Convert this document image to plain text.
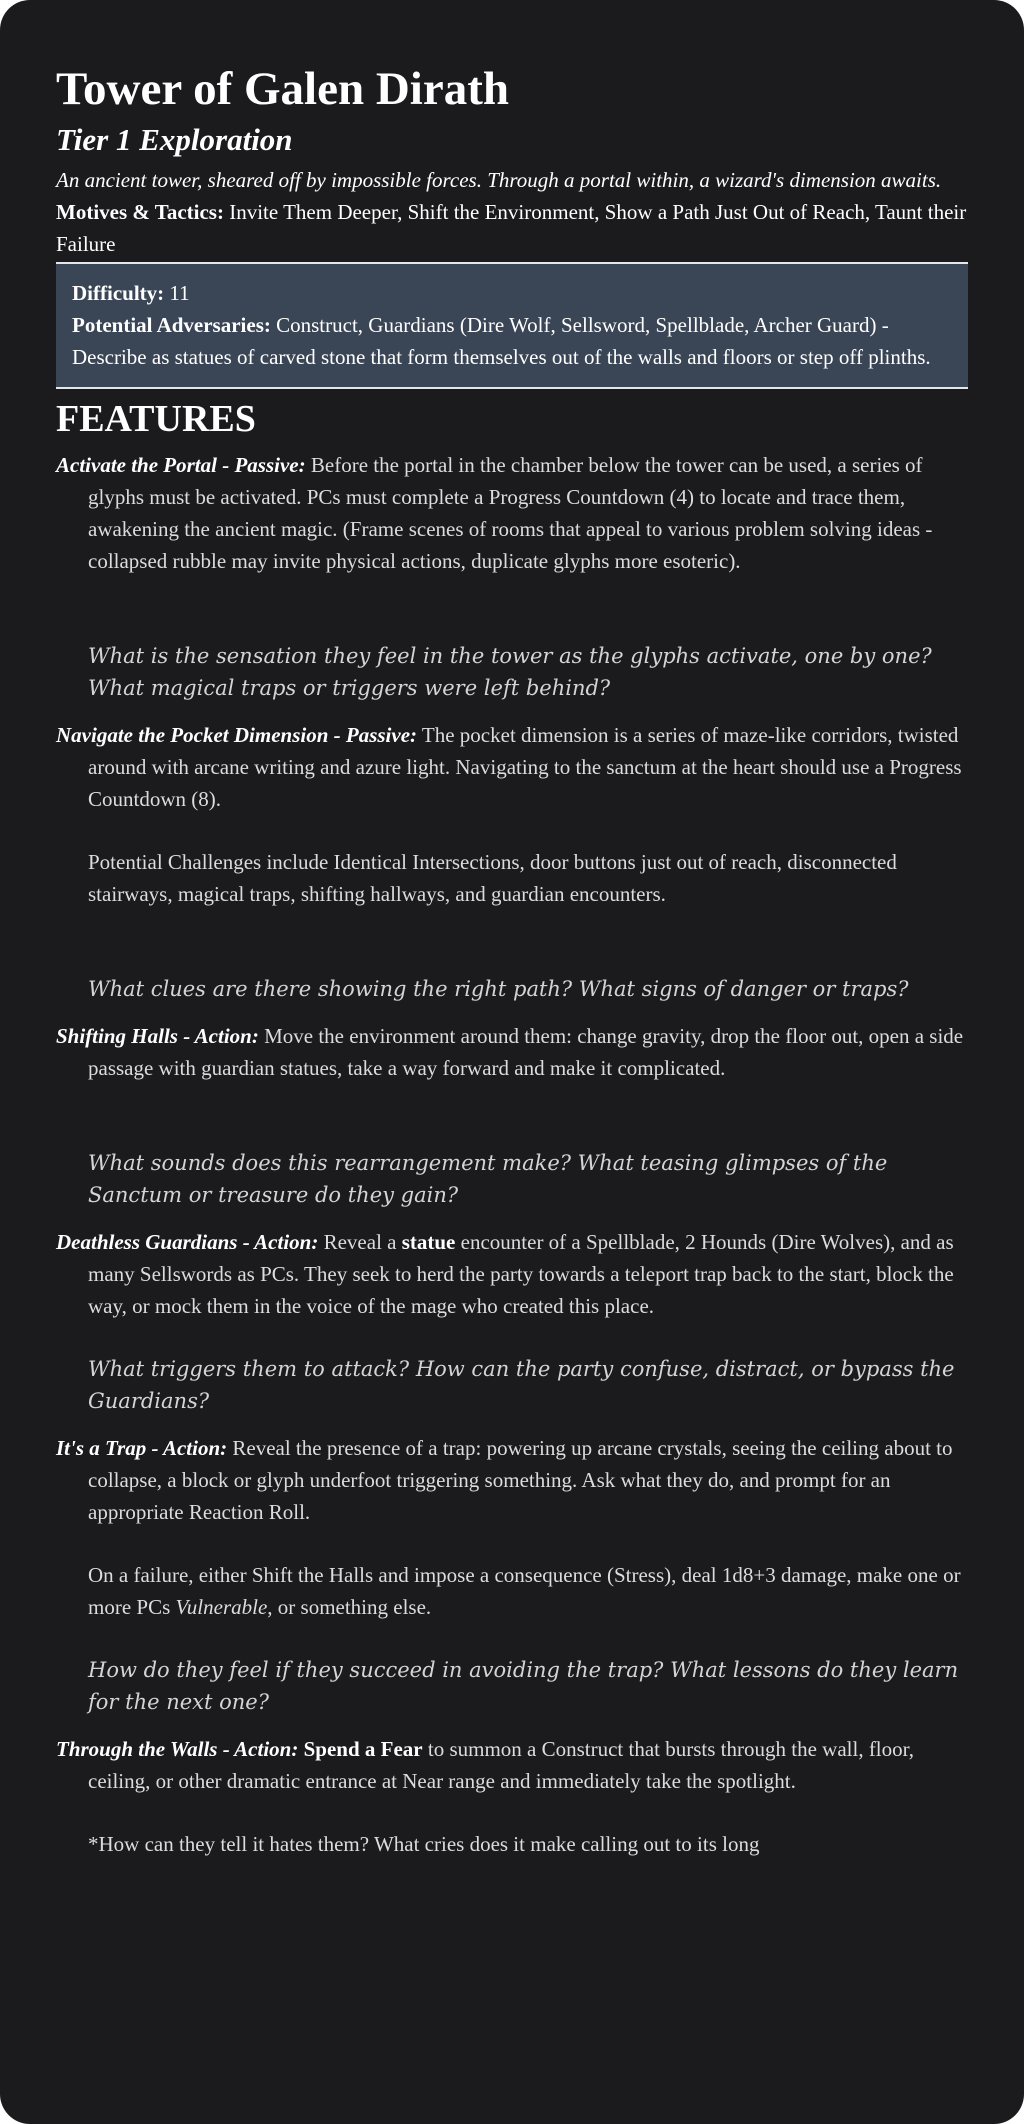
Tower of Galen Dirath
Tier 1 Exploration
An ancient tower, sheared off by impossible forces. Through a portal within, a wizard's dimension awaits.
Motives & Tactics: Invite Them Deeper, Shift the Environment, Show a Path Just Out of Reach, Taunt their Failure
Difficulty: 11
Potential Adversaries: Construct, Guardians (Dire Wolf, Sellsword, Spellblade, Archer Guard) - Describe as statues of carved stone that form themselves out of the walls and floors or step off plinths.
FEATURES
Activate the Portal - Passive: Before the portal in the chamber below the tower can be used, a series of glyphs must be activated. PCs must complete a Progress Countdown (4) to locate and trace them, awakening the ancient magic. (Frame scenes of rooms that appeal to various problem solving ideas - collapsed rubble may invite physical actions, duplicate glyphs more esoteric).
What is the sensation they feel in the tower as the glyphs activate, one by one? What magical traps or triggers were left behind?
Navigate the Pocket Dimension - Passive: The pocket dimension is a series of maze-like corridors, twisted around with arcane writing and azure light. Navigating to the sanctum at the heart should use a Progress Countdown (8).
Potential Challenges include Identical Intersections, door buttons just out of reach, disconnected stairways, magical traps, shifting hallways, and guardian encounters.
What clues are there showing the right path? What signs of danger or traps?
Shifting Halls - Action: Move the environment around them: change gravity, drop the floor out, open a side passage with guardian statues, take a way forward and make it complicated.
What sounds does this rearrangement make? What teasing glimpses of the Sanctum or treasure do they gain?
Deathless Guardians - Action: Reveal a statue encounter of a Spellblade, 2 Hounds (Dire Wolves), and as many Sellswords as PCs. They seek to herd the party towards a teleport trap back to the start, block the way, or mock them in the voice of the mage who created this place.
What triggers them to attack? How can the party confuse, distract, or bypass the Guardians?
It's a Trap - Action: Reveal the presence of a trap: powering up arcane crystals, seeing the ceiling about to collapse, a block or glyph underfoot triggering something. Ask what they do, and prompt for an appropriate Reaction Roll.
On a failure, either Shift the Halls and impose a consequence (Stress), deal 1d8+3 damage, make one or more PCs Vulnerable, or something else.
How do they feel if they succeed in avoiding the trap? What lessons do they learn for the next one?
Through the Walls - Action: Spend a Fear to summon a Construct that bursts through the wall, floor, ceiling, or other dramatic entrance at Near range and immediately take the spotlight.
*How can they tell it hates them? What cries does it make calling out to its long
